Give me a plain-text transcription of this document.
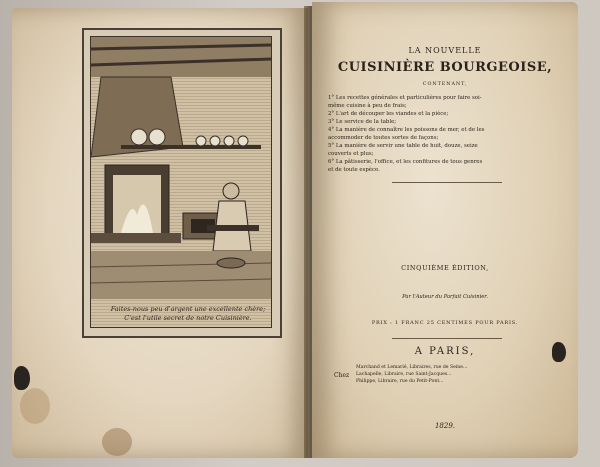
Faites-nous peu d'argent une excellente chère;
C'est l'utile secret de notre Cuisinière.
LA NOUVELLE
CUISINIÈRE BOURGEOISE,
CONTENANT,
1° Les recettes générales et particulières pour faire soi-
même cuisine à peu de frais;
2° L'art de découper les viandes et la pièce;
3° Le service de la table;
4° La manière de connaître les poissons de mer, et de les
accommoder de toutes sortes de façons;
5° La manière de servir une table de huit, douze, seize
couverts et plus;
6° La pâtisserie, l'office, et les confitures de tous genres
et de toute espèce.
CINQUIÈME ÉDITION,
Par l'Auteur du Parfait Cuisinier.
PRIX : 1 FRANC 25 CENTIMES POUR PARIS.
A PARIS,
Chez
Marchand et Lemarié, Libraires, rue de Seine...
Lachapelle, Libraire, rue Saint-Jacques...
Philippe, Libraire, rue du Petit-Pont...
1829.
